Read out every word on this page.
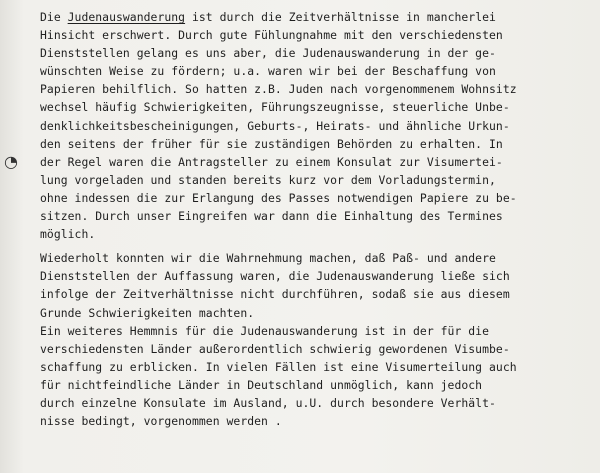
◔
Die Judenauswanderung ist durch die Zeitverhältnisse in mancherlei
Hinsicht erschwert. Durch gute Fühlungnahme mit den verschiedensten
Dienststellen gelang es uns aber, die Judenauswanderung in der ge-
wünschten Weise zu fördern; u.a. waren wir bei der Beschaffung von
Papieren behilflich. So hatten z.B. Juden nach vorgenommenem Wohnsitz
wechsel häufig Schwierigkeiten, Führungszeugnisse, steuerliche Unbe-
denklichkeitsbescheinigungen, Geburts-, Heirats- und ähnliche Urkun-
den seitens der früher für sie zuständigen Behörden zu erhalten. In
der Regel waren die Antragsteller zu einem Konsulat zur Visumertei-
lung vorgeladen und standen bereits kurz vor dem Vorladungstermin,
ohne indessen die zur Erlangung des Passes notwendigen Papiere zu be-
sitzen. Durch unser Eingreifen war dann die Einhaltung des Termines
möglich.
Wiederholt konnten wir die Wahrnehmung machen, daß Paß- und andere
Dienststellen der Auffassung waren, die Judenauswanderung ließe sich
infolge der Zeitverhältnisse nicht durchführen, sodaß sie aus diesem
Grunde Schwierigkeiten machten.
Ein weiteres Hemmnis für die Judenauswanderung ist in der für die
verschiedensten Länder außerordentlich schwierig gewordenen Visumbe-
schaffung zu erblicken. In vielen Fällen ist eine Visumerteilung auch
für nichtfeindliche Länder in Deutschland unmöglich, kann jedoch
durch einzelne Konsulate im Ausland, u.U. durch besondere Verhält-
nisse bedingt, vorgenommen werden .
